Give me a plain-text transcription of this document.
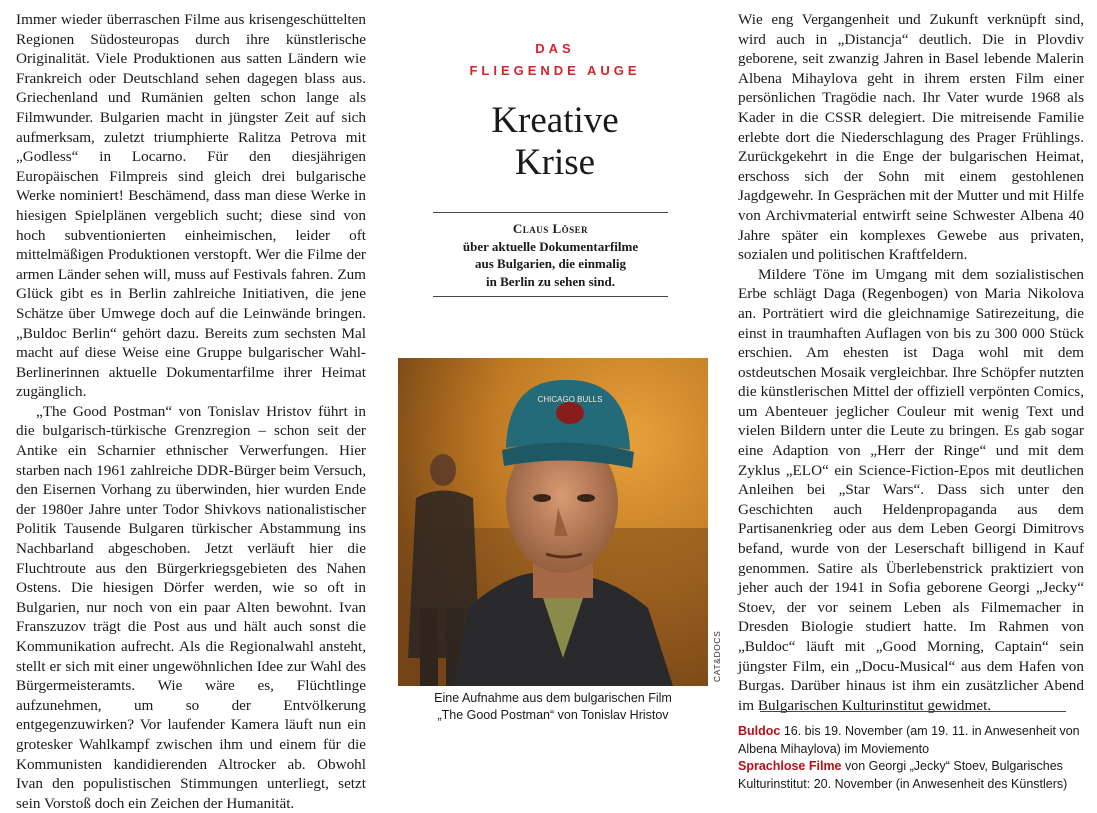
Immer wieder überraschen Filme aus krisengeschüttelten Regionen Südosteuropas durch ihre künstlerische Originalität. Viele Produktionen aus satten Ländern wie Frankreich oder Deutschland sehen dagegen blass aus. Griechenland und Rumänien gelten schon lange als Filmwunder. Bulgarien macht in jüngster Zeit auf sich aufmerksam, zuletzt triumphierte Ralitza Petrova mit „Godless“ in Locarno. Für den diesjährigen Europäischen Filmpreis sind gleich drei bulgarische Werke nominiert! Beschämend, dass man diese Werke in hiesigen Spielplänen vergeblich sucht; diese sind von hoch subventionierten einheimischen, leider oft mittelmäßigen Produktionen verstopft. Wer die Filme der armen Länder sehen will, muss auf Festivals fahren. Zum Glück gibt es in Berlin zahlreiche Initiativen, die jene Schätze über Umwege doch auf die Leinwände bringen. „Buldoc Berlin“ gehört dazu. Bereits zum sechsten Mal macht auf diese Weise eine Gruppe bulgarischer Wahl-Berlinerinnen aktuelle Dokumentarfilme ihrer Heimat zugänglich.

„The Good Postman“ von Tonislav Hristov führt in die bulgarisch-türkische Grenzregion – schon seit der Antike ein Scharnier ethnischer Verwerfungen. Hier starben nach 1961 zahlreiche DDR-Bürger beim Versuch, den Eisernen Vorhang zu überwinden, hier wurden Ende der 1980er Jahre unter Todor Shivkovs nationalistischer Politik Tausende Bulgaren türkischer Abstammung ins Nachbarland abgeschoben. Jetzt verläuft hier die Fluchtroute aus den Bürgerkriegsgebieten des Nahen Ostens. Die hiesigen Dörfer werden, wie so oft in Bulgarien, nur noch von ein paar Alten bewohnt. Ivan Franszuzov trägt die Post aus und hält auch sonst die Kommunikation aufrecht. Als die Regionalwahl ansteht, stellt er sich mit einer ungewöhnlichen Idee zur Wahl des Bürgermeisteramts. Wie wäre es, Flüchtlinge aufzunehmen, um so der Entvölkerung entgegenzuwirken? Vor laufender Kamera läuft nun ein grotesker Wahlkampf zwischen ihm und einem für die Kommunisten kandidierenden Altrocker ab. Obwohl Ivan den populistischen Stimmungen unterliegt, setzt sein Vorstoß doch ein Zeichen der Humanität.

DAS
FLIEGENDE AUGE
Kreative
Krise
Claus Löser
über aktuelle Dokumentarfilme
aus Bulgarien, die einmalig
in Berlin zu sehen sind.
CHICAGO BULLS
CAT&DOCS
Eine Aufnahme aus dem bulgarischen Film
„The Good Postman“ von Tonislav Hristov

Wie eng Vergangenheit und Zukunft verknüpft sind, wird auch in „Distancja“ deutlich. Die in Plovdiv geborene, seit zwanzig Jahren in Basel lebende Malerin Albena Mihaylova geht in ihrem ersten Film einer persönlichen Tragödie nach. Ihr Vater wurde 1968 als Kader in die CSSR delegiert. Die mitreisende Familie erlebte dort die Niederschlagung des Prager Frühlings. Zurückgekehrt in die Enge der bulgarischen Heimat, erschoss sich der Sohn mit einem gestohlenen Jagdgewehr. In Gesprächen mit der Mutter und mit Hilfe von Archivmaterial entwirft seine Schwester Albena 40 Jahre später ein komplexes Gewebe aus privaten, sozialen und politischen Kraftfeldern.

Mildere Töne im Umgang mit dem sozialistischen Erbe schlägt Daga (Regenbogen) von Maria Nikolova an. Porträtiert wird die gleichnamige Satirezeitung, die einst in traumhaften Auflagen von bis zu 300 000 Stück erschien. Am ehesten ist Daga wohl mit dem ostdeutschen Mosaik vergleichbar. Ihre Schöpfer nutzten die künstlerischen Mittel der offiziell verpönten Comics, um Abenteuer jeglicher Couleur mit wenig Text und vielen Bildern unter die Leute zu bringen. Es gab sogar eine Adaption von „Herr der Ringe“ und mit dem Zyklus „ELO“ ein Science-Fiction-Epos mit deutlichen Anleihen bei „Star Wars“. Dass sich unter den Geschichten auch Heldenpropaganda aus dem Partisanenkrieg oder aus dem Leben Georgi Dimitrovs befand, wurde von der Leserschaft billigend in Kauf genommen. Satire als Überlebenstrick praktiziert von jeher auch der 1941 in Sofia geborene Georgi „Jecky“ Stoev, der vor seinem Leben als Filmemacher in Dresden Biologie studiert hatte. Im Rahmen von „Buldoc“ läuft mit „Good Morning, Captain“ sein jüngster Film, ein „Docu-Musical“ aus dem Hafen von Burgas. Darüber hinaus ist ihm ein zusätzlicher Abend im Bulgarischen Kulturinstitut gewidmet.

Buldoc 16. bis 19. November (am 19. 11. in Anwesenheit von Albena Mihaylova) im Moviemento

Sprachlose Filme von Georgi „Jecky“ Stoev, Bulgarisches Kulturinstitut: 20. November (in Anwesenheit des Künstlers)
